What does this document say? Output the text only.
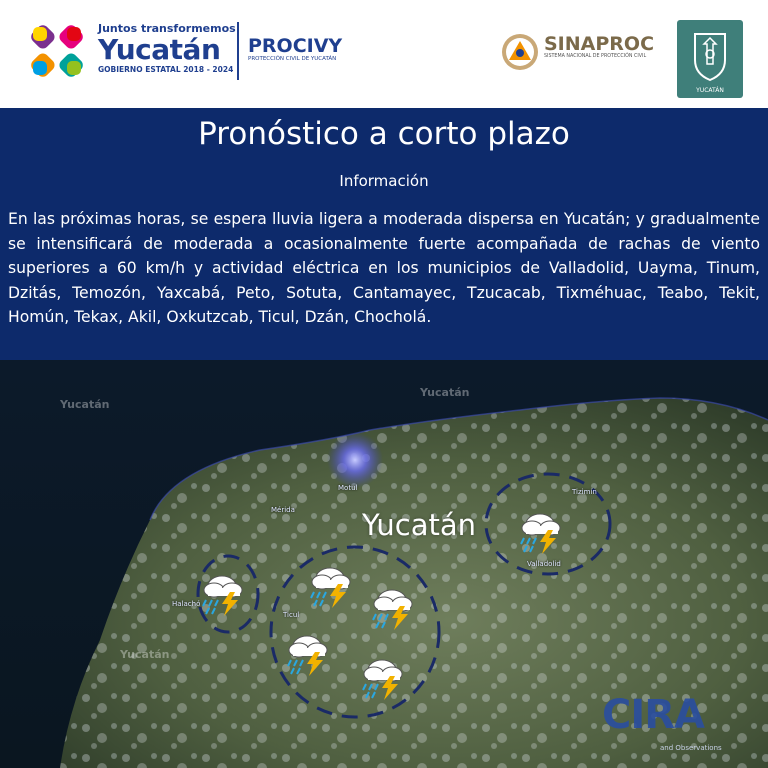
Juntos transformemos
Yucatán
GOBIERNO ESTATAL 2018 - 2024
PROCIVY
PROTECCIÓN CIVIL DE YUCATÁN
SINAPROC
SISTEMA NACIONAL DE PROTECCIÓN CIVIL
YUCATÁN
Pronóstico a corto plazo
Información
En las próximas horas, se espera lluvia ligera a moderada dispersa en Yucatán; y gradualmente se intensificará de moderada a ocasionalmente fuerte acompañada de rachas de viento superiores a 60 km/h y actividad eléctrica en los municipios de Valladolid, Uayma, Tinum, Dzitás, Temozón, Yaxcabá, Peto, Sotuta, Cantamayec, Tzucacab, Tixméhuac, Teabo, Tekit, Homún, Tekax, Akil, Oxkutzcab, Ticul, Dzán, Chocholá.
Mérida
Motul
Valladolid
Halachó
Ticul
Tizimín
Yucatán
Yucatán
Yucatán
Yucatán
CIRA
and Observations
